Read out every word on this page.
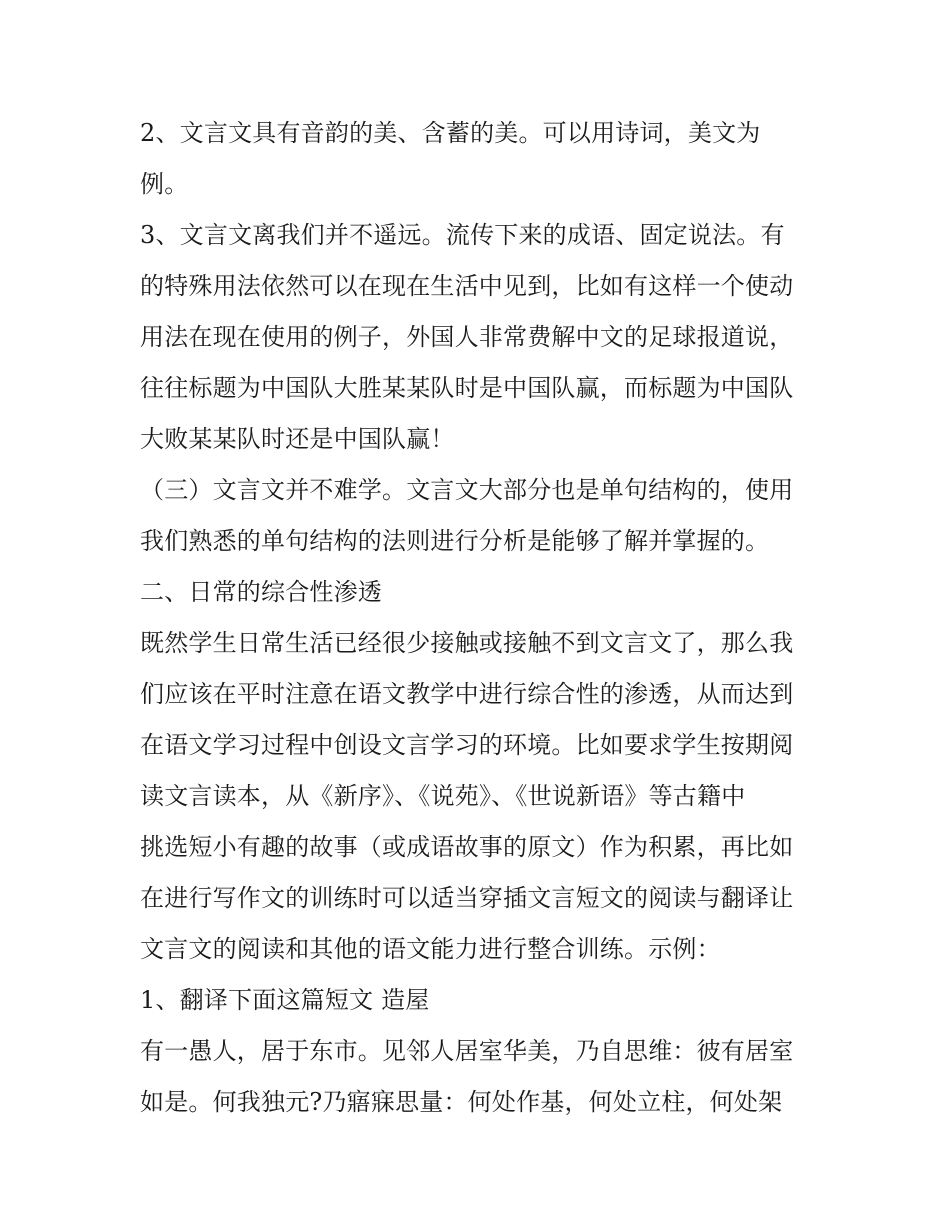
2、文言文具有音韵的美、含蓄的美。可以用诗词，美文为
例。
3、文言文离我们并不遥远。流传下来的成语、固定说法。有
的特殊用法依然可以在现在生活中见到，比如有这样一个使动
用法在现在使用的例子，外国人非常费解中文的足球报道说，
往往标题为中国队大胜某某队时是中国队赢，而标题为中国队
大败某某队时还是中国队赢！
（三）文言文并不难学。文言文大部分也是单句结构的，使用
我们熟悉的单句结构的法则进行分析是能够了解并掌握的。
二、日常的综合性渗透
既然学生日常生活已经很少接触或接触不到文言文了，那么我
们应该在平时注意在语文教学中进行综合性的渗透，从而达到
在语文学习过程中创设文言学习的环境。比如要求学生按期阅
读文言读本，从《新序》、《说苑》、《世说新语》等古籍中
挑选短小有趣的故事（或成语故事的原文）作为积累，再比如
在进行写作文的训练时可以适当穿插文言短文的阅读与翻译让
文言文的阅读和其他的语文能力进行整合训练。示例：
1、翻译下面这篇短文 造屋
有一愚人，居于东市。见邻人居室华美，乃自思维：彼有居室
如是。何我独元?乃寤寐思量：何处作基，何处立柱，何处架
